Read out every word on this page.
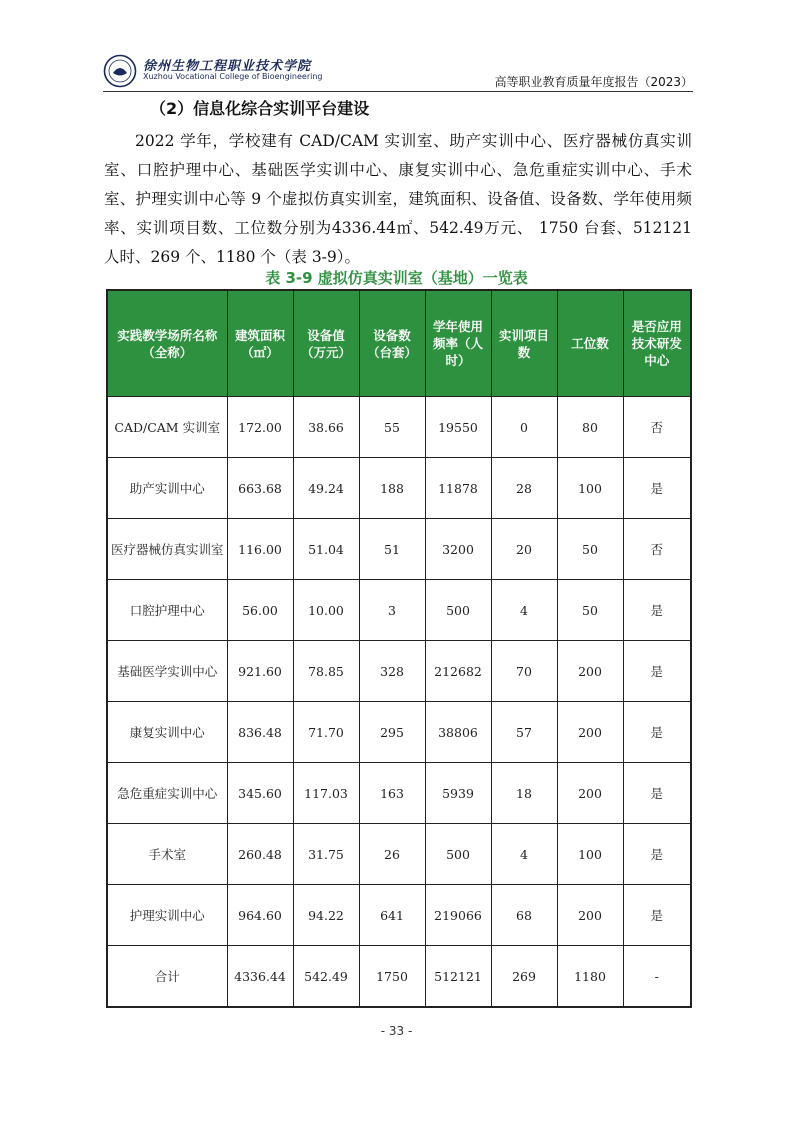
徐州生物工程职业技术学院
Xuzhou Vocational College of Bioengineering	高等职业教育质量年度报告（2023）
（2）信息化综合实训平台建设
2022 学年，学校建有 CAD/CAM 实训室、助产实训中心、医疗器械仿真实训室、口腔护理中心、基础医学实训中心、康复实训中心、急危重症实训中心、手术室、护理实训中心等 9 个虚拟仿真实训室，建筑面积、设备值、设备数、学年使用频率、实训项目数、工位数分别为4336.44㎡、542.49万元、 1750 台套、512121 人时、269 个、1180 个（表 3-9）。
表 3-9 虚拟仿真实训室（基地）一览表
实践教学场所名称（全称）	建筑面积（㎡）	设备值（万元）	设备数（台套）	学年使用频率（人时）	实训项目数	工位数	是否应用技术研发中心
CAD/CAM 实训室	172.00	38.66	55	19550	0	80	否
助产实训中心	663.68	49.24	188	11878	28	100	是
医疗器械仿真实训室	116.00	51.04	51	3200	20	50	否
口腔护理中心	56.00	10.00	3	500	4	50	是
基础医学实训中心	921.60	78.85	328	212682	70	200	是
康复实训中心	836.48	71.70	295	38806	57	200	是
急危重症实训中心	345.60	117.03	163	5939	18	200	是
手术室	260.48	31.75	26	500	4	100	是
护理实训中心	964.60	94.22	641	219066	68	200	是
合计	4336.44	542.49	1750	512121	269	1180	-
- 33 -
